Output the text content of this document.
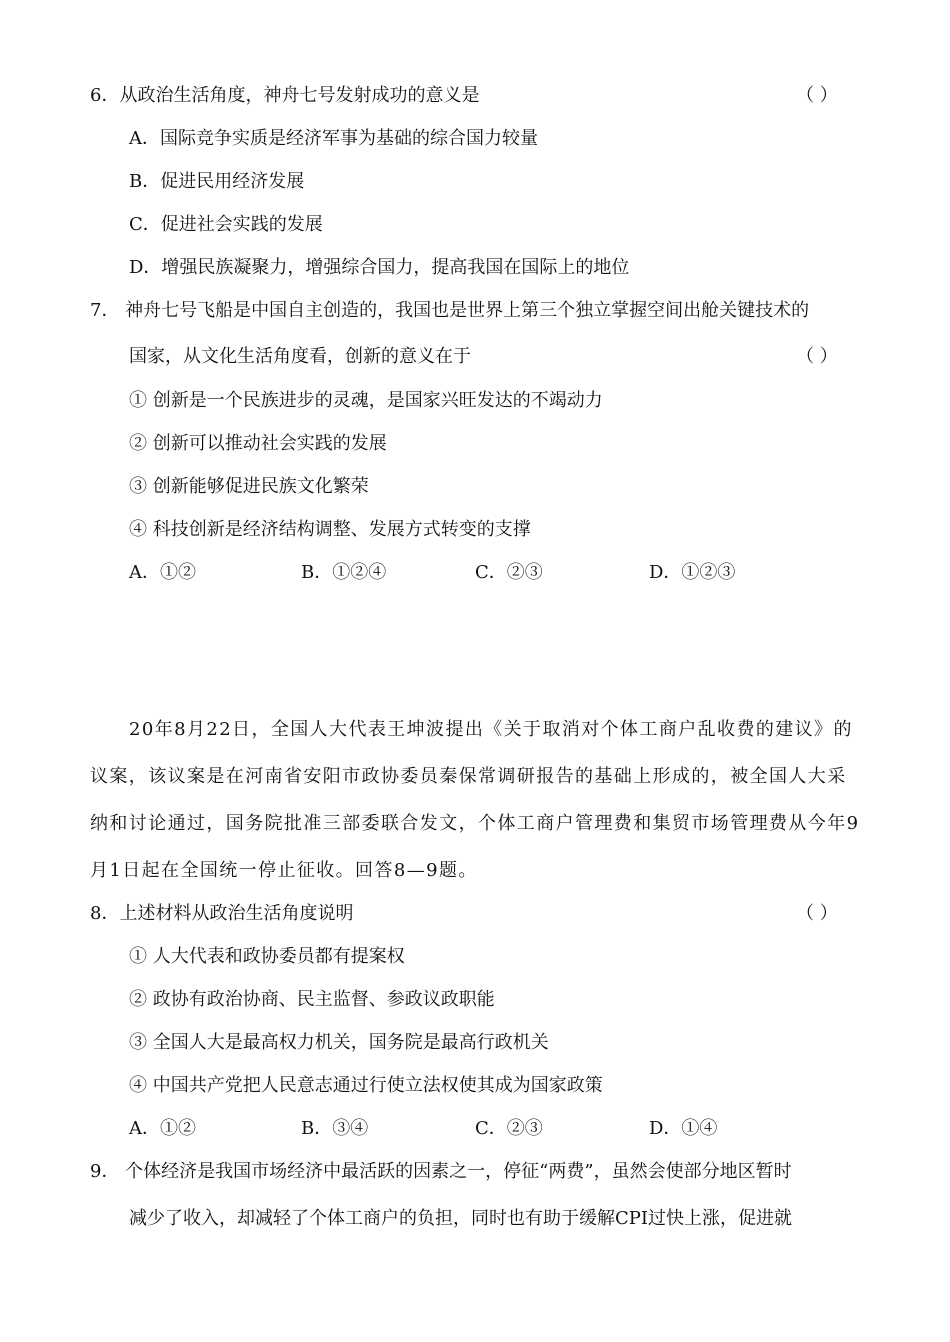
6．从政治生活角度，神舟七号发射成功的意义是	（ ）
A．国际竞争实质是经济军事为基础的综合国力较量
B．促进民用经济发展
C．促进社会实践的发展
D．增强民族凝聚力，增强综合国力，提高我国在国际上的地位
7． 神舟七号飞船是中国自主创造的，我国也是世界上第三个独立掌握空间出舱关键技术的
国家，从文化生活角度看，创新的意义在于	（ ）
① 创新是一个民族进步的灵魂，是国家兴旺发达的不竭动力
② 创新可以推动社会实践的发展
③ 创新能够促进民族文化繁荣
④ 科技创新是经济结构调整、发展方式转变的支撑
A．①②	B．①②④	C．②③	D．①②③
20年8月22日，全国人大代表王坤波提出《关于取消对个体工商户乱收费的建议》的
议案，该议案是在河南省安阳市政协委员秦保常调研报告的基础上形成的，被全国人大采
纳和讨论通过，国务院批准三部委联合发文，个体工商户管理费和集贸市场管理费从今年9
月1日起在全国统一停止征收。回答8—9题。
8．上述材料从政治生活角度说明	（ ）
① 人大代表和政协委员都有提案权
② 政协有政治协商、民主监督、参政议政职能
③ 全国人大是最高权力机关，国务院是最高行政机关
④ 中国共产党把人民意志通过行使立法权使其成为国家政策
A．①②	B．③④	C．②③	D．①④
9． 个体经济是我国市场经济中最活跃的因素之一，停征“两费”，虽然会使部分地区暂时
减少了收入，却减轻了个体工商户的负担，同时也有助于缓解CPI过快上涨，促进就
